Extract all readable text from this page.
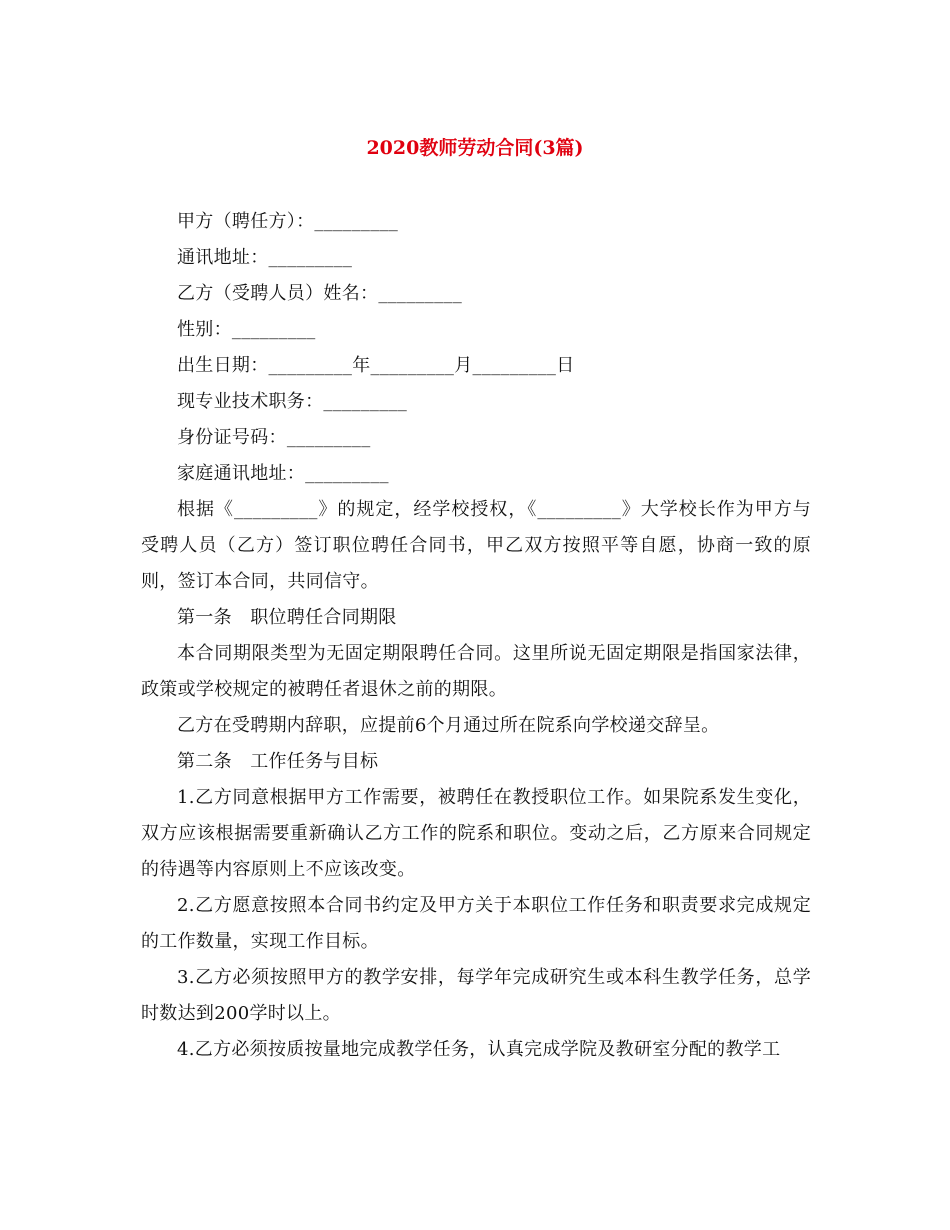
2020教师劳动合同(3篇)

甲方（聘任方）：_________

通讯地址：_________

乙方（受聘人员）姓名：_________

性别：_________

出生日期：_________年_________月_________日

现专业技术职务：_________

身份证号码：_________

家庭通讯地址：_________

根据《_________》的规定，经学校授权，《_________》大学校长作为甲方与受聘人员（乙方）签订职位聘任合同书，甲乙双方按照平等自愿，协商一致的原则，签订本合同，共同信守。

第一条　职位聘任合同期限

本合同期限类型为无固定期限聘任合同。这里所说无固定期限是指国家法律，政策或学校规定的被聘任者退休之前的期限。

乙方在受聘期内辞职，应提前6个月通过所在院系向学校递交辞呈。

第二条　工作任务与目标

1.乙方同意根据甲方工作需要，被聘任在教授职位工作。如果院系发生变化，双方应该根据需要重新确认乙方工作的院系和职位。变动之后，乙方原来合同规定的待遇等内容原则上不应该改变。

2.乙方愿意按照本合同书约定及甲方关于本职位工作任务和职责要求完成规定的工作数量，实现工作目标。

3.乙方必须按照甲方的教学安排，每学年完成研究生或本科生教学任务，总学时数达到200学时以上。

4.乙方必须按质按量地完成教学任务，认真完成学院及教研室分配的教学工
